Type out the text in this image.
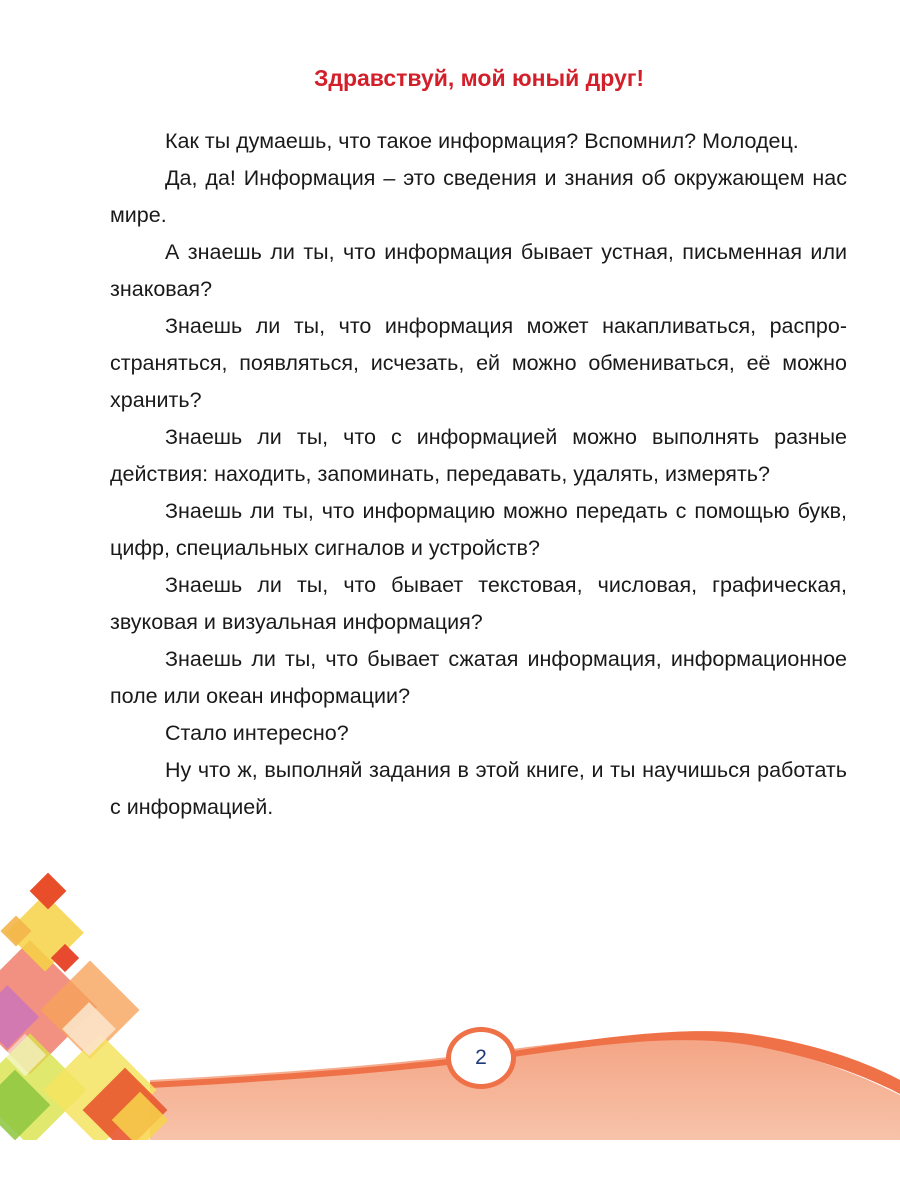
Здравствуй, мой юный друг!

Как ты думаешь, что такое информация? Вспомнил? Молодец.

Да, да! Информация – это сведения и знания об окружающем нас мире.

А знаешь ли ты, что информация бывает устная, письменная или знаковая?

Знаешь ли ты, что информация может накапливаться, распространяться, появляться, исчезать, ей можно обмениваться, её можно хранить?

Знаешь ли ты, что с информацией можно выполнять разные действия: находить, запоминать, передавать, удалять, измерять?

Знаешь ли ты, что информацию можно передать с помощью букв, цифр, специальных сигналов и устройств?

Знаешь ли ты, что бывает текстовая, числовая, графическая, звуковая и визуальная информация?

Знаешь ли ты, что бывает сжатая информация, информационное поле или океан информации?

Стало интересно?

Ну что ж, выполняй задания в этой книге, и ты научишься работать с информацией.

2
